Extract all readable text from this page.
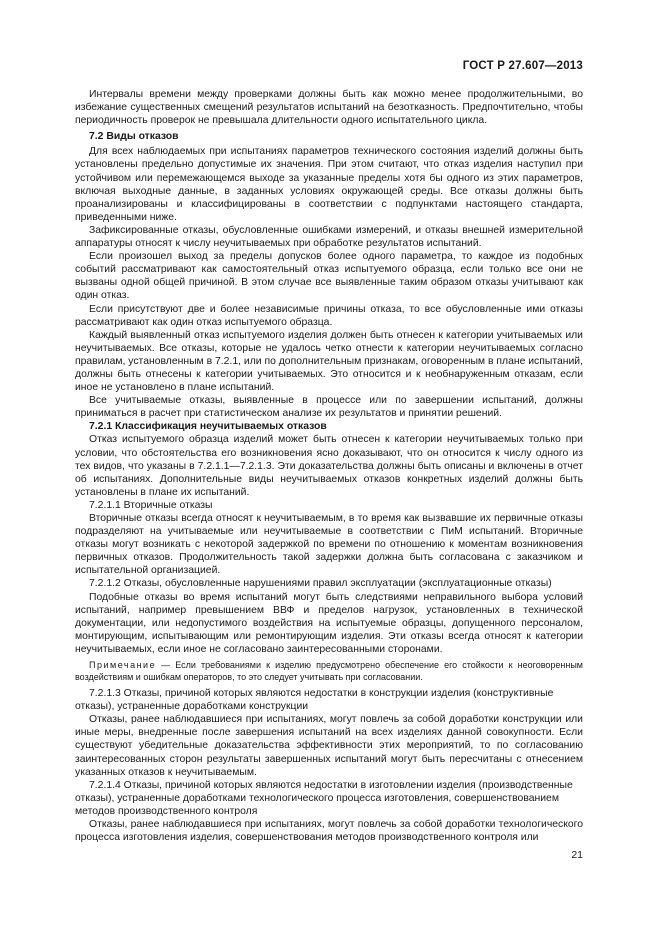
ГОСТ Р 27.607—2013

Интервалы времени между проверками должны быть как можно менее продолжительными, во избежание существенных смещений результатов испытаний на безотказность. Предпочтительно, чтобы периодичность проверок не превышала длительности одного испытательного цикла.

7.2 Виды отказов

Для всех наблюдаемых при испытаниях параметров технического состояния изделий должны быть установлены предельно допустимые их значения. При этом считают, что отказ изделия наступил при устойчивом или перемежающемся выходе за указанные пределы хотя бы одного из этих параметров, включая выходные данные, в заданных условиях окружающей среды. Все отказы должны быть проанализированы и классифицированы в соответствии с подпунктами настоящего стандарта, приведенными ниже.

Зафиксированные отказы, обусловленные ошибками измерений, и отказы внешней измерительной аппаратуры относят к числу неучитываемых при обработке результатов испытаний.

Если произошел выход за пределы допусков более одного параметра, то каждое из подобных событий рассматривают как самостоятельный отказ испытуемого образца, если только все они не вызваны одной общей причиной. В этом случае все выявленные таким образом отказы учитывают как один отказ.

Если присутствуют две и более независимые причины отказа, то все обусловленные ими отказы рассматривают как один отказ испытуемого образца.

Каждый выявленный отказ испытуемого изделия должен быть отнесен к категории учитываемых или неучитываемых. Все отказы, которые не удалось четко отнести к категории неучитываемых согласно правилам, установленным в 7.2.1, или по дополнительным признакам, оговоренным в плане испытаний, должны быть отнесены к категории учитываемых. Это относится и к необнаруженным отказам, если иное не установлено в плане испытаний.

Все учитываемые отказы, выявленные в процессе или по завершении испытаний, должны приниматься в расчет при статистическом анализе их результатов и принятии решений.

7.2.1 Классификация неучитываемых отказов

Отказ испытуемого образца изделий может быть отнесен к категории неучитываемых только при условии, что обстоятельства его возникновения ясно доказывают, что он относится к числу одного из тех видов, что указаны в 7.2.1.1—7.2.1.3. Эти доказательства должны быть описаны и включены в отчет об испытаниях. Дополнительные виды неучитываемых отказов конкретных изделий должны быть установлены в плане их испытаний.

7.2.1.1 Вторичные отказы

Вторичные отказы всегда относят к неучитываемым, в то время как вызвавшие их первичные отказы подразделяют на учитываемые или неучитываемые в соответствии с ПиМ испытаний. Вторичные отказы могут возникать с некоторой задержкой по времени по отношению к моментам возникновения первичных отказов. Продолжительность такой задержки должна быть согласована с заказчиком и испытательной организацией.

7.2.1.2 Отказы, обусловленные нарушениями правил эксплуатации (эксплуатационные отказы)

Подобные отказы во время испытаний могут быть следствиями неправильного выбора условий испытаний, например превышением ВВФ и пределов нагрузок, установленных в технической документации, или недопустимого воздействия на испытуемые образцы, допущенного персоналом, монтирующим, испытывающим или ремонтирующим изделия. Эти отказы всегда относят к категории неучитываемых, если иное не согласовано заинтересованными сторонами.

Примечание — Если требованиями к изделию предусмотрено обеспечение его стойкости к неоговоренным воздействиям и ошибкам операторов, то это следует учитывать при согласовании.

7.2.1.3 Отказы, причиной которых являются недостатки в конструкции изделия (конструктивные отказы), устраненные доработками конструкции

Отказы, ранее наблюдавшиеся при испытаниях, могут повлечь за собой доработки конструкции или иные меры, внедренные после завершения испытаний на всех изделиях данной совокупности. Если существуют убедительные доказательства эффективности этих мероприятий, то по согласованию заинтересованных сторон результаты завершенных испытаний могут быть пересчитаны с отнесением указанных отказов к неучитываемым.

7.2.1.4 Отказы, причиной которых являются недостатки в изготовлении изделия (производственные отказы), устраненные доработками технологического процесса изготовления, совершенствованием методов производственного контроля

Отказы, ранее наблюдавшиеся при испытаниях, могут повлечь за собой доработки технологического процесса изготовления изделия, совершенствования методов производственного контроля или

21
